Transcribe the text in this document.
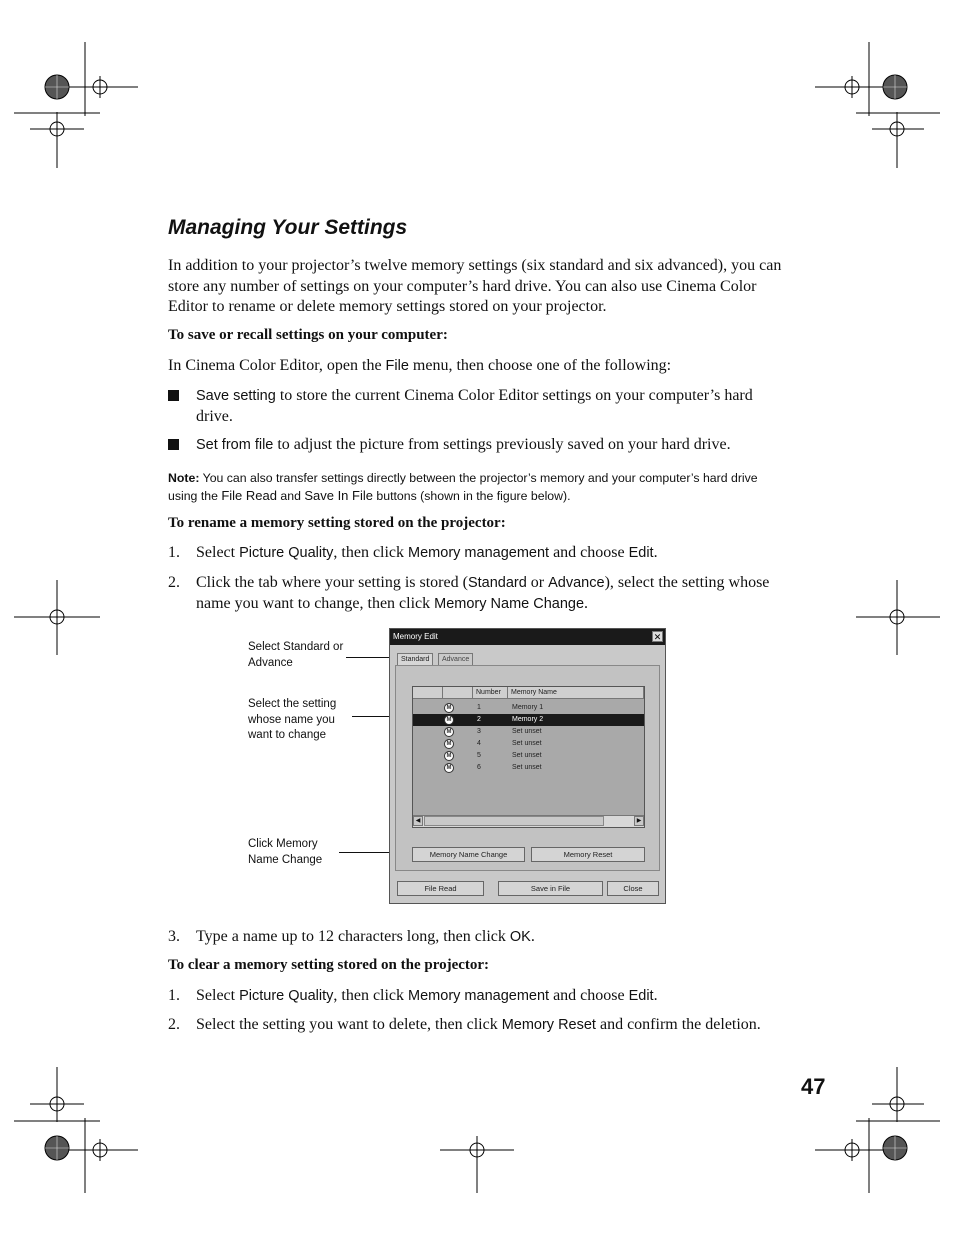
Managing Your Settings

In addition to your projector’s twelve memory settings (six standard and six advanced), you can store any number of settings on your computer’s hard drive. You can also use Cinema Color Editor to rename or delete memory settings stored on your projector.

To save or recall settings on your computer:

In Cinema Color Editor, open the File menu, then choose one of the following:

Save setting to store the current Cinema Color Editor settings on your computer’s hard drive.
Set from file to adjust the picture from settings previously saved on your hard drive.
Note: You can also transfer settings directly between the projector’s memory and your computer’s hard drive using the File Read and Save In File buttons (shown in the figure below).

To rename a memory setting stored on the projector:

1. Select Picture Quality, then click Memory management and choose Edit.
2. Click the tab where your setting is stored (Standard or Advance), select the setting whose name you want to change, then click Memory Name Change.
Select Standard or
Advance
Select the setting
whose name you
want to change
Click Memory
Name Change
Memory Edit	✕
Standard	Advance
Number	Memory Name
M	1	Memory 1
M	2	Memory 2
M	3	Set unset
M	4	Set unset
M	5	Set unset
M	6	Set unset
◀	▶
Memory Name Change	Memory Reset
File Read	Save in File	Close
3. Type a name up to 12 characters long, then click OK.

To clear a memory setting stored on the projector:

1. Select Picture Quality, then click Memory management and choose Edit.
2. Select the setting you want to delete, then click Memory Reset and confirm the deletion.
47
